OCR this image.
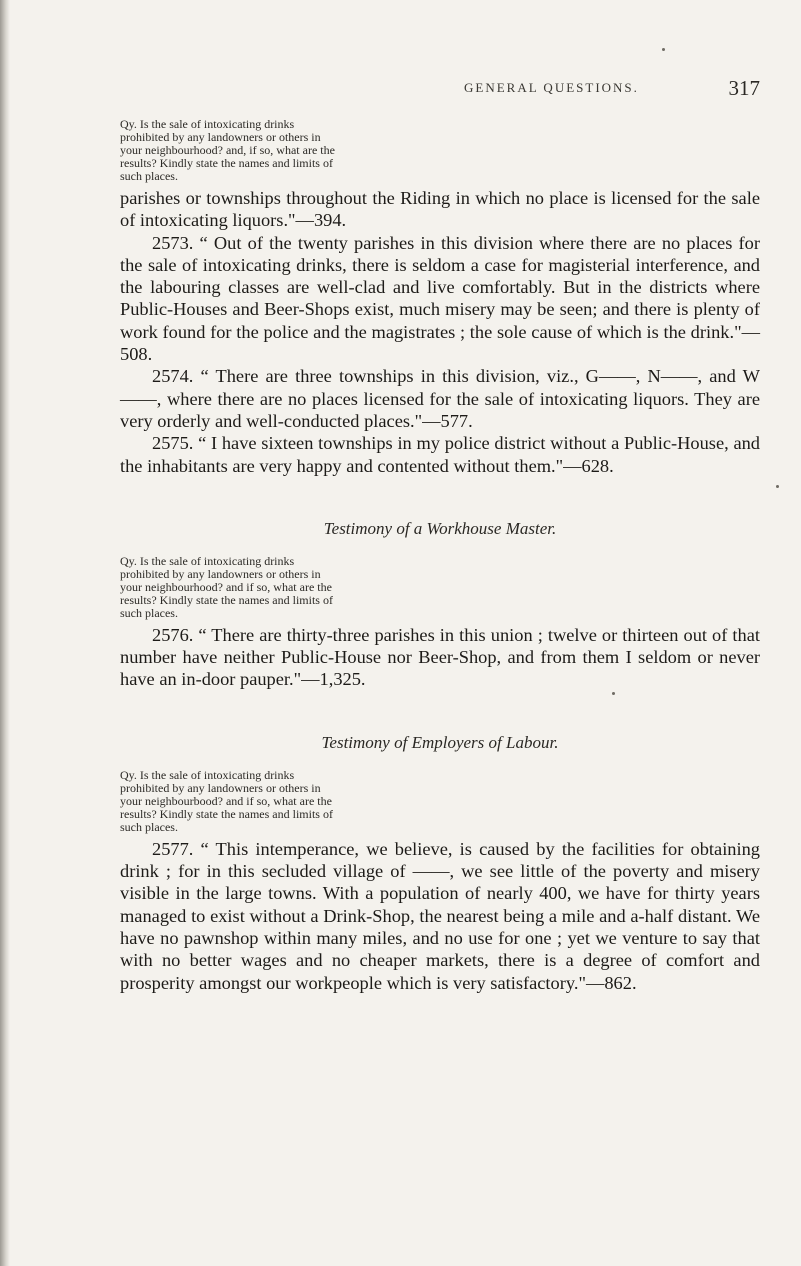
GENERAL QUESTIONS.	317

Qy. Is the sale of intoxicating drinks prohibited by any landowners or others in your neighbourhood? and, if so, what are the results? Kindly state the names and limits of such places.

parishes or townships throughout the Riding in which no place is licensed for the sale of intoxicating liquors."—394.

2573. “ Out of the twenty parishes in this division where there are no places for the sale of intoxicating drinks, there is seldom a case for magisterial interference, and the labouring classes are well-clad and live comfortably. But in the districts where Public-Houses and Beer-Shops exist, much misery may be seen; and there is plenty of work found for the police and the magistrates ; the sole cause of which is the drink."—508.

2574. “ There are three townships in this division, viz., G——, N——, and W——, where there are no places licensed for the sale of intoxicating liquors. They are very orderly and well-conducted places."—577.

2575. “ I have sixteen townships in my police district without a Public-House, and the inhabitants are very happy and contented without them."—628.

Testimony of a Workhouse Master.

Qy. Is the sale of intoxicating drinks prohibited by any landowners or others in your neighbourhood? and if so, what are the results? Kindly state the names and limits of such places.

2576. “ There are thirty-three parishes in this union ; twelve or thirteen out of that number have neither Public-House nor Beer-Shop, and from them I seldom or never have an in-door pauper."—1,325.

Testimony of Employers of Labour.

Qy. Is the sale of intoxicating drinks prohibited by any landowners or others in your neighbourbood? and if so, what are the results? Kindly state the names and limits of such places.

2577. “ This intemperance, we believe, is caused by the facilities for obtaining drink ; for in this secluded village of ——, we see little of the poverty and misery visible in the large towns. With a population of nearly 400, we have for thirty years managed to exist without a Drink-Shop, the nearest being a mile and a-half distant. We have no pawnshop within many miles, and no use for one ; yet we venture to say that with no better wages and no cheaper markets, there is a degree of comfort and prosperity amongst our workpeople which is very satisfactory."—862.
